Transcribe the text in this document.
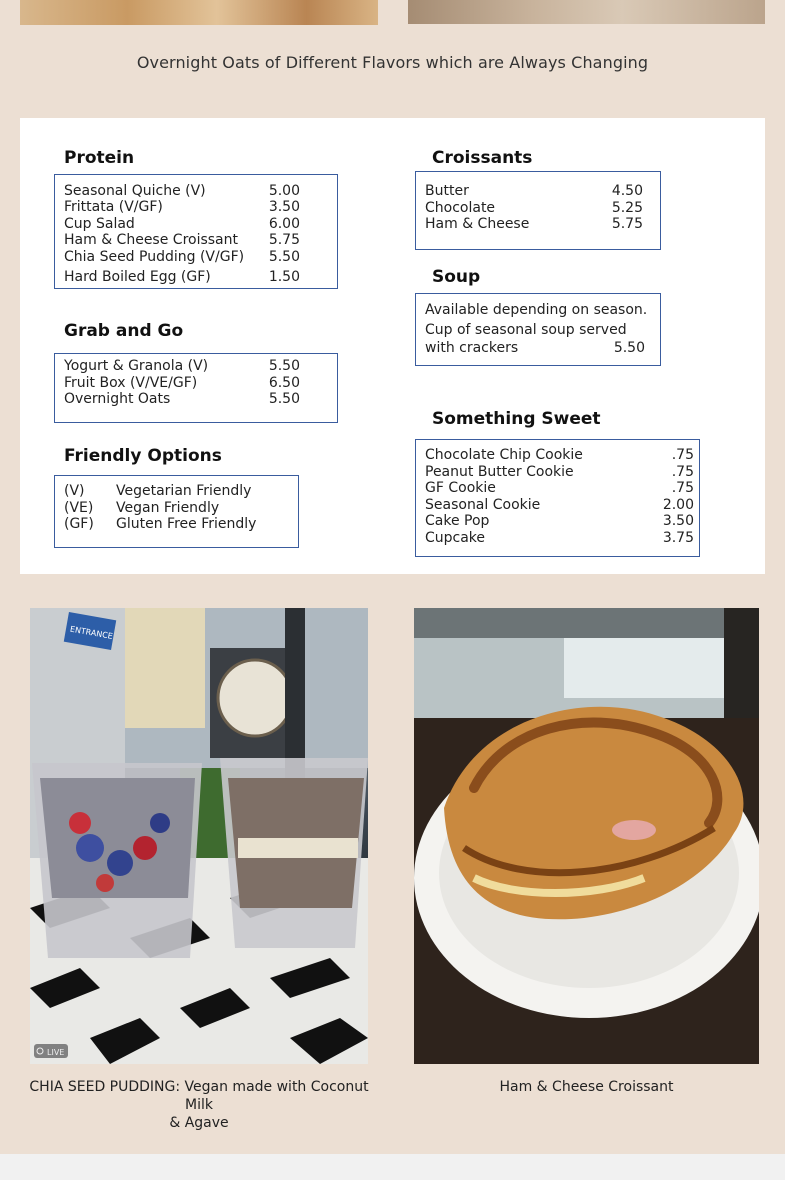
Overnight Oats of Different Flavors which are Always Changing
Protein
Seasonal Quiche (V)	5.00
Frittata (V/GF)	3.50
Cup Salad	6.00
Ham & Cheese Croissant 5.75
Chia Seed Pudding (V/GF) 5.50
Hard Boiled Egg (GF)	1.50
Grab and Go
Yogurt & Granola (V)	5.50
Fruit Box (V/VE/GF)	6.50
Overnight Oats	5.50
Friendly Options
(V) Vegetarian Friendly
(VE) Vegan Friendly
(GF) Gluten Free Friendly
Croissants
Butter	4.50
Chocolate	5.25
Ham & Cheese	5.75
Soup
Available depending on season.
Cup of seasonal soup served
with crackers	5.50
Something Sweet
Chocolate Chip Cookie	.75
Peanut Butter Cookie	.75
GF Cookie	.75
Seasonal Cookie	2.00
Cake Pop	3.50
Cupcake	3.75
ENTRANCE
LIVE
CHIA SEED PUDDING: Vegan made with Coconut Milk
& Agave
Ham & Cheese Croissant
